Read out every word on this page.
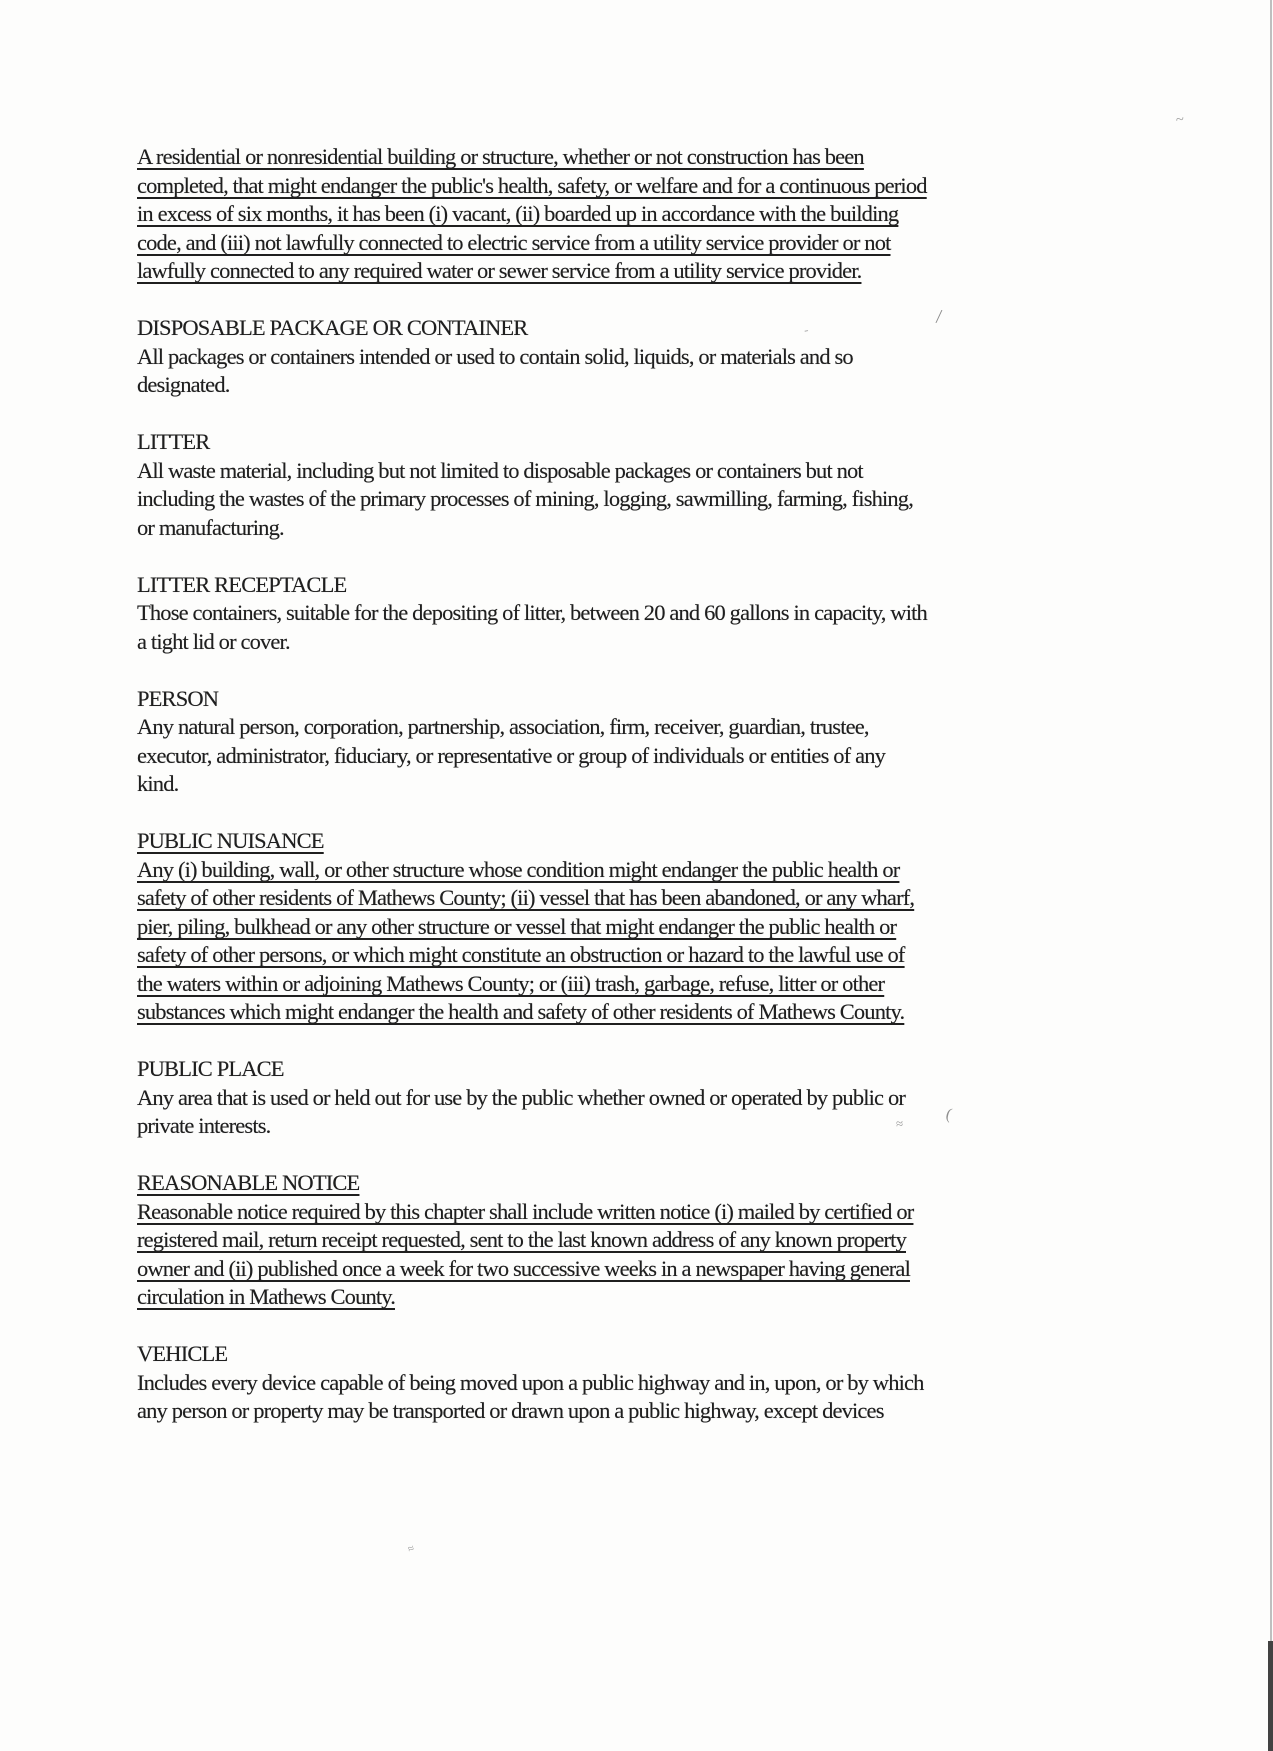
A residential or nonresidential building or structure, whether or not construction has been
completed, that might endanger the public's health, safety, or welfare and for a continuous period
in excess of six months, it has been (i) vacant, (ii) boarded up in accordance with the building
code, and (iii) not lawfully connected to electric service from a utility service provider or not
lawfully connected to any required water or sewer service from a utility service provider.
DISPOSABLE PACKAGE OR CONTAINER
All packages or containers intended or used to contain solid, liquids, or materials and so
designated.
LITTER
All waste material, including but not limited to disposable packages or containers but not
including the wastes of the primary processes of mining, logging, sawmilling, farming, fishing,
or manufacturing.
LITTER RECEPTACLE
Those containers, suitable for the depositing of litter, between 20 and 60 gallons in capacity, with
a tight lid or cover.
PERSON
Any natural person, corporation, partnership, association, firm, receiver, guardian, trustee,
executor, administrator, fiduciary, or representative or group of individuals or entities of any
kind.
PUBLIC NUISANCE
Any (i) building, wall, or other structure whose condition might endanger the public health or
safety of other residents of Mathews County; (ii) vessel that has been abandoned, or any wharf,
pier, piling, bulkhead or any other structure or vessel that might endanger the public health or
safety of other persons, or which might constitute an obstruction or hazard to the lawful use of
the waters within or adjoining Mathews County; or (iii) trash, garbage, refuse, litter or other
substances which might endanger the health and safety of other residents of Mathews County.
PUBLIC PLACE
Any area that is used or held out for use by the public whether owned or operated by public or
private interests.
REASONABLE NOTICE
Reasonable notice required by this chapter shall include written notice (i) mailed by certified or
registered mail, return receipt requested, sent to the last known address of any known property
owner and (ii) published once a week for two successive weeks in a newspaper having general
circulation in Mathews County.
VEHICLE
Includes every device capable of being moved upon a public highway and in, upon, or by which
any person or property may be transported or drawn upon a public highway, except devices
~
/
-
≈
(
≈
